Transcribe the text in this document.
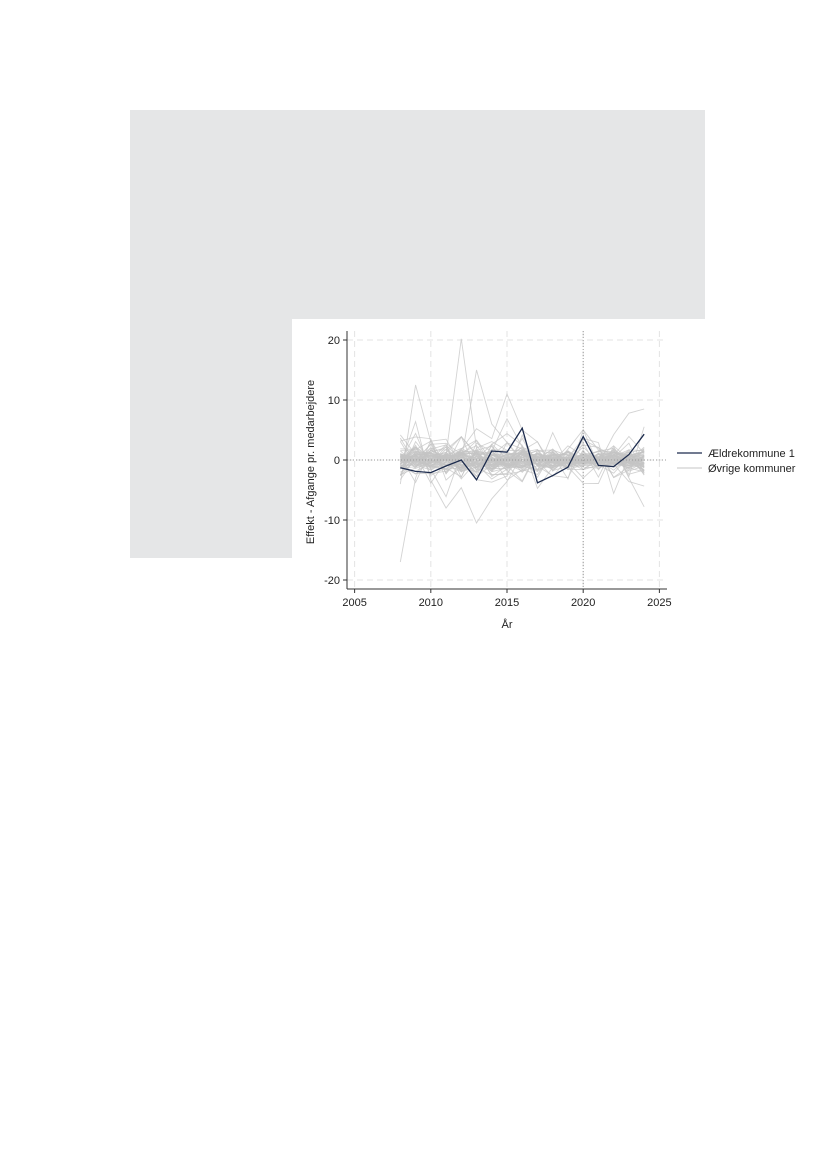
2005	2010	2015	2020	2025
20
10
0
-10
-20
År
Effekt - Afgange pr. medarbejdere	Ældrekommune 1
Øvrige kommuner
